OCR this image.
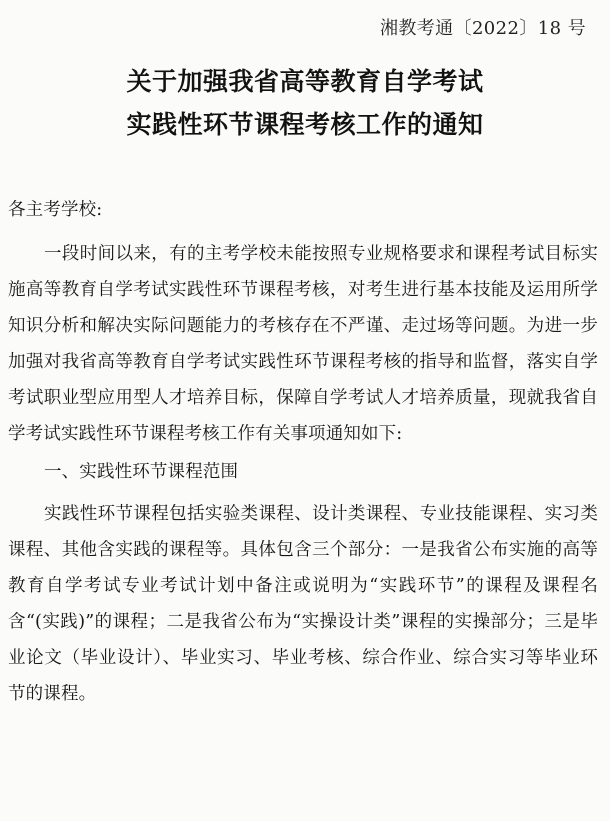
湘教考通〔2022〕18 号
关于加强我省高等教育自学考试
实践性环节课程考核工作的通知

各主考学校:

一段时间以来，有的主考学校未能按照专业规格要求和课程考试目标实施高等教育自学考试实践性环节课程考核，对考生进行基本技能及运用所学知识分析和解决实际问题能力的考核存在不严谨、走过场等问题。为进一步加强对我省高等教育自学考试实践性环节课程考核的指导和监督，落实自学考试职业型应用型人才培养目标，保障自学考试人才培养质量，现就我省自学考试实践性环节课程考核工作有关事项通知如下:

一、实践性环节课程范围

实践性环节课程包括实验类课程、设计类课程、专业技能课程、实习类课程、其他含实践的课程等。具体包含三个部分：一是我省公布实施的高等教育自学考试专业考试计划中备注或说明为“实践环节”的课程及课程名含“(实践)”的课程；二是我省公布为“实操设计类”课程的实操部分；三是毕业论文（毕业设计）、毕业实习、毕业考核、综合作业、综合实习等毕业环节的课程。
